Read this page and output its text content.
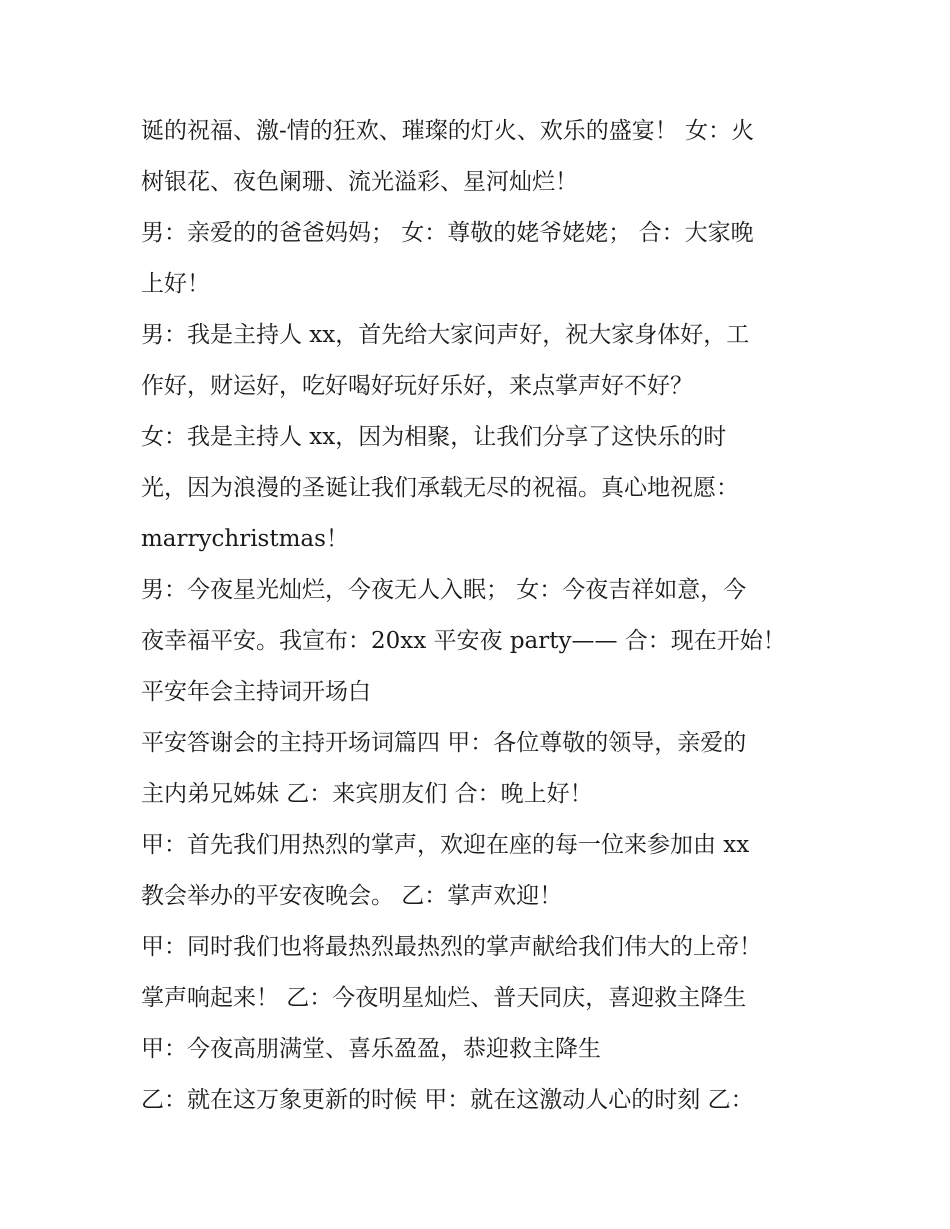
诞的祝福、激-情的狂欢、璀璨的灯火、欢乐的盛宴！ 女：火
树银花、夜色阑珊、流光溢彩、星河灿烂！
男：亲爱的的爸爸妈妈； 女：尊敬的姥爷姥姥； 合：大家晚
上好！
男：我是主持人 xx，首先给大家问声好，祝大家身体好，工
作好，财运好，吃好喝好玩好乐好，来点掌声好不好？
女：我是主持人 xx，因为相聚，让我们分享了这快乐的时
光，因为浪漫的圣诞让我们承载无尽的祝福。真心地祝愿：
marrychristmas！
男：今夜星光灿烂，今夜无人入眠； 女：今夜吉祥如意，今
夜幸福平安。我宣布：20xx 平安夜 party—— 合：现在开始！
平安年会主持词开场白
平安答谢会的主持开场词篇四 甲：各位尊敬的领导，亲爱的
主内弟兄姊妹 乙：来宾朋友们 合：晚上好！
甲：首先我们用热烈的掌声，欢迎在座的每一位来参加由 xx
教会举办的平安夜晚会。 乙：掌声欢迎！
甲：同时我们也将最热烈最热烈的掌声献给我们伟大的上帝！
掌声响起来！ 乙：今夜明星灿烂、普天同庆，喜迎救主降生
甲：今夜高朋满堂、喜乐盈盈，恭迎救主降生
乙：就在这万象更新的时候 甲：就在这激动人心的时刻 乙：
